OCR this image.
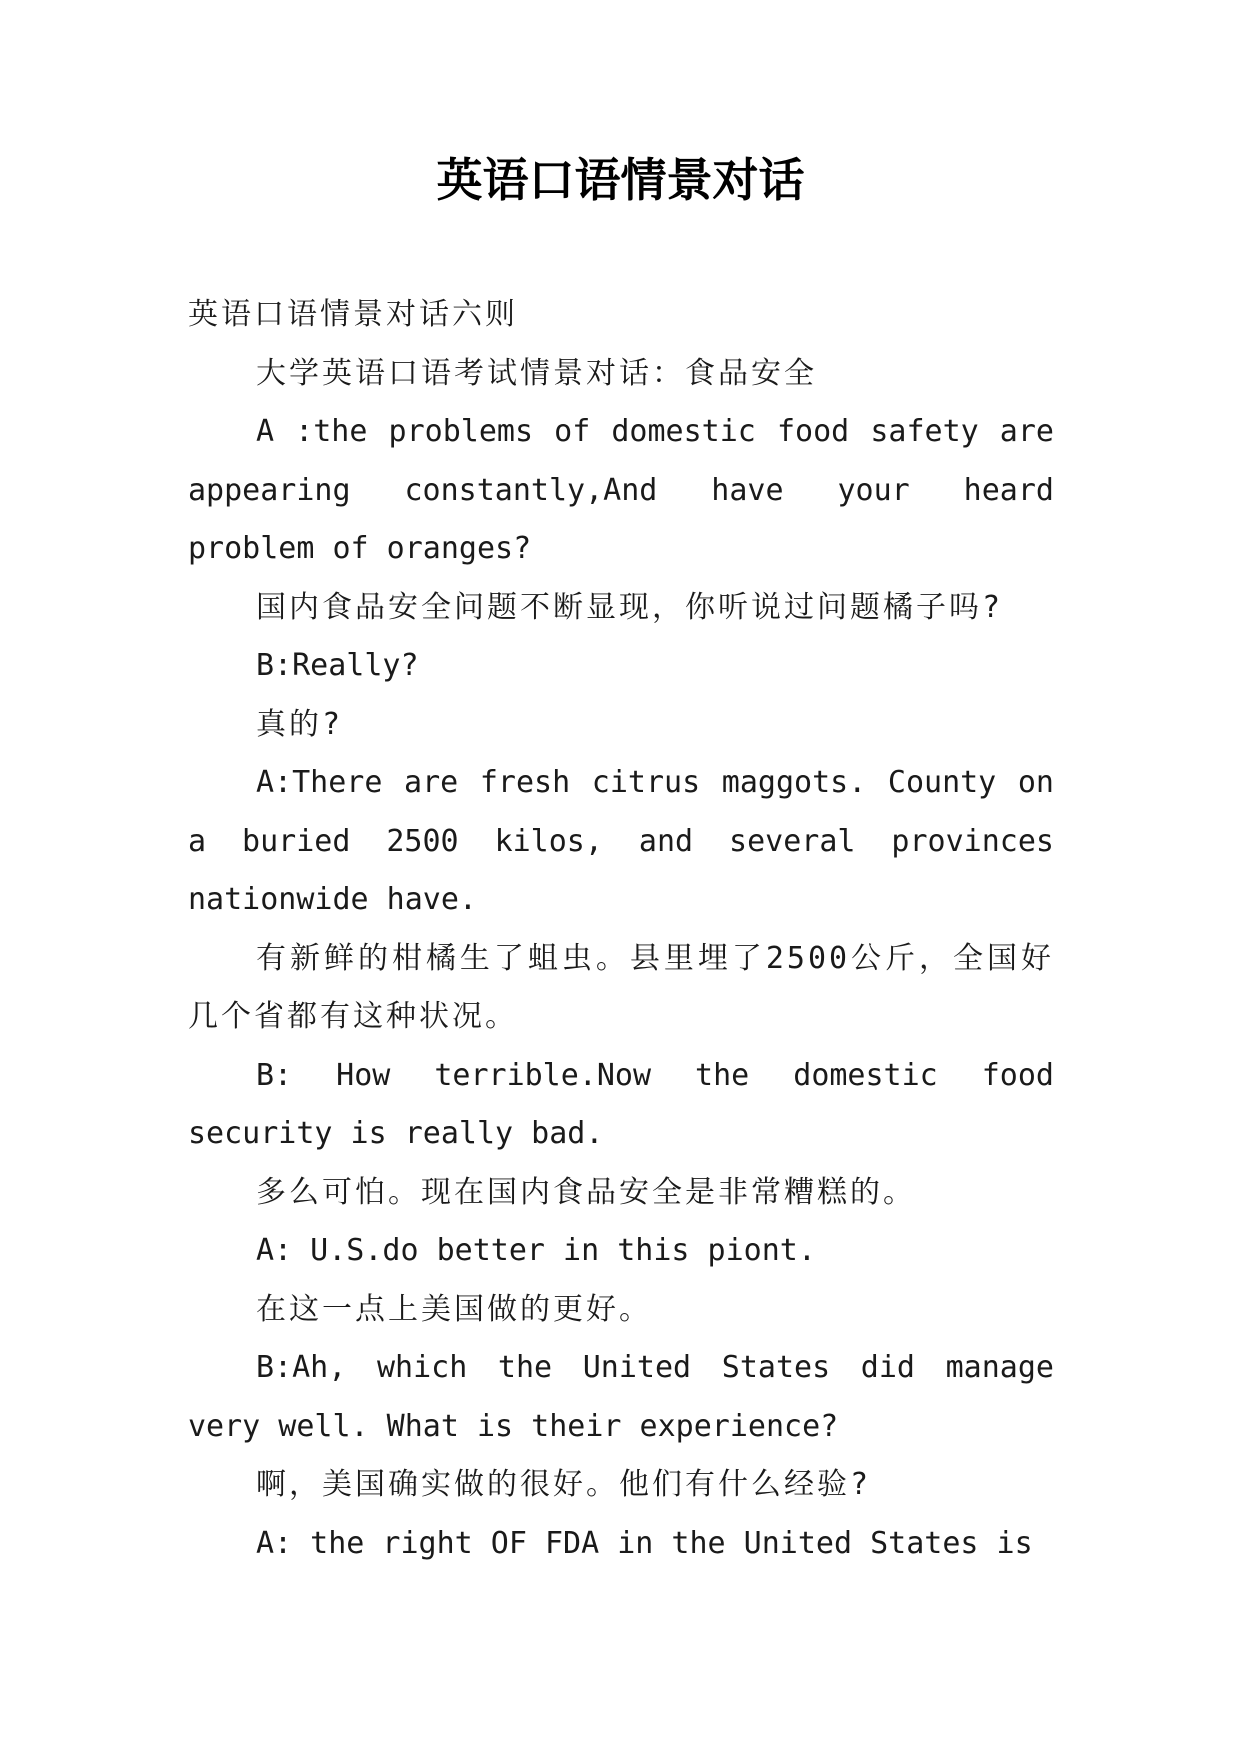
英语口语情景对话

英语口语情景对话六则

大学英语口语考试情景对话：食品安全

A :the problems of domestic food safety are appearing constantly,And have your heard problem of oranges?

国内食品安全问题不断显现，你听说过问题橘子吗?

B:Really?

真的?

A:There are fresh citrus maggots. County on a buried 2500 kilos, and several provinces nationwide have.

有新鲜的柑橘生了蛆虫。县里埋了2500公斤，全国好几个省都有这种状况。

B: How terrible.Now the domestic food security is really bad.

多么可怕。现在国内食品安全是非常糟糕的。

A: U.S.do better in this piont.

在这一点上美国做的更好。

B:Ah, which the United States did manage very well. What is their experience?

啊，美国确实做的很好。他们有什么经验?

A: the right OF FDA in the United States is
